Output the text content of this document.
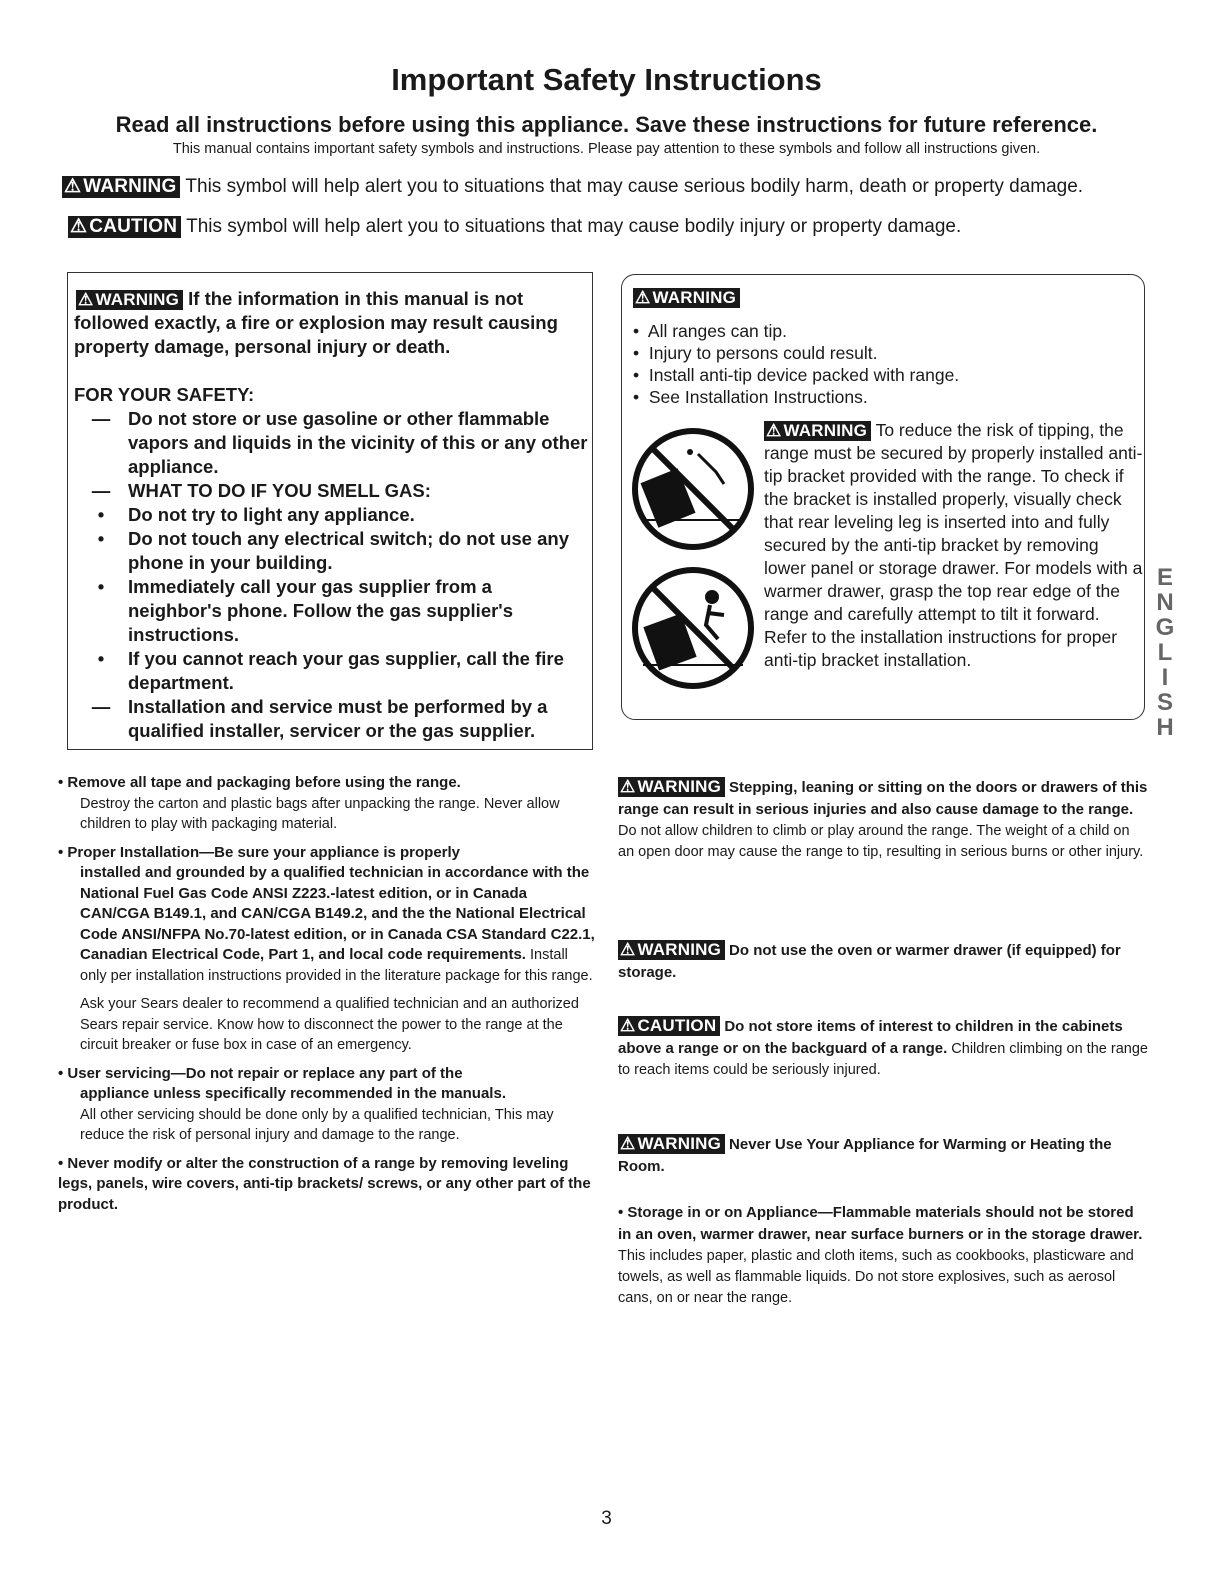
Important Safety Instructions
Read all instructions before using this appliance. Save these instructions for future reference.
This manual contains important safety symbols and instructions. Please pay attention to these symbols and follow all instructions given.
⚠ WARNING This symbol will help alert you to situations that may cause serious bodily harm, death or property damage.
⚠ CAUTION This symbol will help alert you to situations that may cause bodily injury or property damage.

⚠ WARNING If the information in this manual is not followed exactly, a fire or explosion may result causing property damage, personal injury or death.

FOR YOUR SAFETY:

— Do not store or use gasoline or other flammable vapors and liquids in the vicinity of this or any other appliance.
— WHAT TO DO IF YOU SMELL GAS:
•	Do not try to light any appliance.
•	Do not touch any electrical switch; do not use any phone in your building.
•	Immediately call your gas supplier from a neighbor's phone. Follow the gas supplier's instructions.
•	If you cannot reach your gas supplier, call the fire department.
— Installation and service must be performed by a qualified installer, servicer or the gas supplier.
⚠ WARNING
•  All ranges can tip.
•  Injury to persons could result.
•  Install anti-tip device packed with range.
•  See Installation Instructions.
⚠ WARNING To reduce the risk of tipping, the range must be secured by properly installed anti-tip bracket provided with the range. To check if the bracket is installed properly, visually check that rear leveling leg is inserted into and fully secured by the anti-tip bracket by removing lower panel or storage drawer. For models with a warmer drawer, grasp the top rear edge of the range and carefully attempt to tilt it forward. Refer to the installation instructions for proper anti-tip bracket installation.

• Remove all tape and packaging before using the range.

Destroy the carton and plastic bags after unpacking the range. Never allow children to play with packaging material.

• Proper Installation—Be sure your appliance is properly
installed and grounded by a qualified technician in accordance with the National Fuel Gas Code ANSI Z223.-latest edition, or in Canada CAN/CGA B149.1, and CAN/CGA B149.2, and the the National Electrical Code ANSI/NFPA No.70-latest edition, or in Canada CSA Standard C22.1, Canadian Electrical Code, Part 1, and local code requirements. Install only per installation instructions provided in the literature package for this range.

Ask your Sears dealer to recommend a qualified technician and an authorized Sears repair service. Know how to disconnect the power to the range at the circuit breaker or fuse box in case of an emergency.

• User servicing—Do not repair or replace any part of the
appliance unless specifically recommended in the manuals.
All other servicing should be done only by a qualified technician, This may reduce the risk of personal injury and damage to the range.

• Never modify or alter the construction of a range by removing leveling legs, panels, wire covers, anti-tip brackets/ screws, or any other part of the product.

⚠ WARNING Stepping, leaning or sitting on the doors or drawers of this range can result in serious injuries and also cause damage to the range. Do not allow children to climb or play around the range. The weight of a child on an open door may cause the range to tip, resulting in serious burns or other injury.

⚠ WARNING Do not use the oven or warmer drawer (if equipped) for storage.

⚠ CAUTION Do not store items of interest to children in the cabinets above a range or on the backguard of a range. Children climbing on the range to reach items could be seriously injured.

⚠ WARNING Never Use Your Appliance for Warming or Heating the Room.

• Storage in or on Appliance—Flammable materials should not be stored in an oven, warmer drawer, near surface burners or in the storage drawer. This includes paper, plastic and cloth items, such as cookbooks, plasticware and towels, as well as flammable liquids. Do not store explosives, such as aerosol cans, on or near the range.

E
N
G
L
I
S
H
3
